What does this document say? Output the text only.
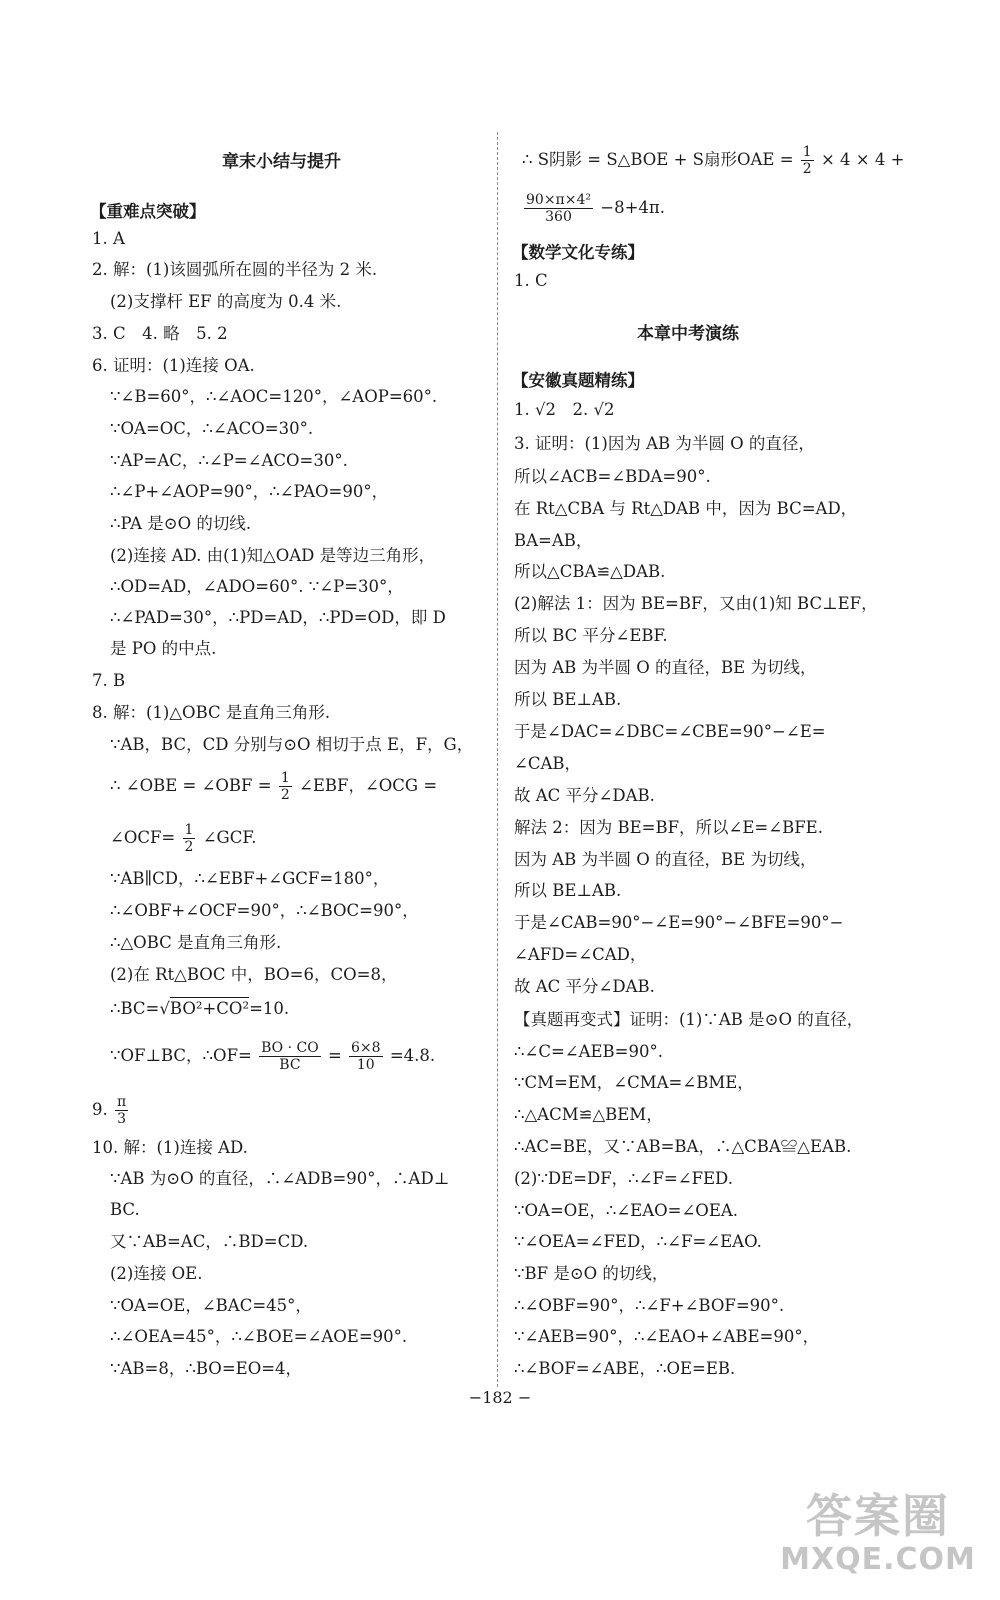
章末小结与提升
【重难点突破】
1. A
2. 解：(1)该圆弧所在圆的半径为 2 米.
(2)支撑杆 EF 的高度为 0.4 米.
3. C　4. 略　5. 2
6. 证明：(1)连接 OA.
∵∠B=60°，∴∠AOC=120°，∠AOP=60°.
∵OA=OC，∴∠ACO=30°.
∵AP=AC，∴∠P=∠ACO=30°.
∴∠P+∠AOP=90°，∴∠PAO=90°，
∴PA 是⊙O 的切线.
(2)连接 AD. 由(1)知△OAD 是等边三角形，
∴OD=AD，∠ADO=60°. ∵∠P=30°，
∴∠PAD=30°，∴PD=AD，∴PD=OD，即 D
是 PO 的中点.
7. B
8. 解：(1)△OBC 是直角三角形.
∵AB，BC，CD 分别与⊙O 相切于点 E，F，G，
∴ ∠OBE = ∠OBF = $\frac{1}{2}$ ∠EBF，∠OCG =
∠OCF= $\frac{1}{2}$ ∠GCF.
∵AB∥CD，∴∠EBF+∠GCF=180°，
∴∠OBF+∠OCF=90°，∴∠BOC=90°，
∴△OBC 是直角三角形.
(2)在 Rt△BOC 中，BO=6，CO=8，
∴BC=√BO²+CO²=10.
∵OF⊥BC，∴OF= $\frac{BO \cdot CO}{BC} = \frac{6\times 8}{10} =4.8$.
9. $\frac{\pi}{3}$
10. 解：(1)连接 AD.
∵AB 为⊙O 的直径，∴∠ADB=90°，∴AD⊥
BC.
又∵AB=AC，∴BD=CD.
(2)连接 OE.
∵OA=OE，∠BAC=45°，
∴∠OEA=45°，∴∠BOE=∠AOE=90°.
∵AB=8，∴BO=EO=4，
∴ S阴影 = S△BOE + S扇形OAE = $\frac{1}{2} \times 4 \times 4$ +
$\frac{\text{90×π×4²}}{360} -8+4\pi$.
【数学文化专练】
1. C
本章中考演练
【安徽真题精练】
1. √2　2. √2
3. 证明：(1)因为 AB 为半圆 O 的直径，
所以∠ACB=∠BDA=90°.
在 Rt△CBA 与 Rt△DAB 中，因为 BC=AD，
BA=AB，
所以△CBA≌△DAB.
(2)解法 1：因为 BE=BF，又由(1)知 BC⊥EF，
所以 BC 平分∠EBF.
因为 AB 为半圆 O 的直径，BE 为切线，
所以 BE⊥AB.
于是∠DAC=∠DBC=∠CBE=90°−∠E=
∠CAB，
故 AC 平分∠DAB.
解法 2：因为 BE=BF，所以∠E=∠BFE.
因为 AB 为半圆 O 的直径，BE 为切线，
所以 BE⊥AB.
于是∠CAB=90°−∠E=90°−∠BFE=90°−
∠AFD=∠CAD，
故 AC 平分∠DAB.
【真题再变式】证明：(1)∵AB 是⊙O 的直径，
∴∠C=∠AEB=90°.
∵CM=EM，∠CMA=∠BME，
∴△ACM≌△BEM，
∴AC=BE，又∵AB=BA，∴△CBA≌△EAB.
(2)∵DE=DF，∴∠F=∠FED.
∵OA=OE，∴∠EAO=∠OEA.
∵∠OEA=∠FED，∴∠F=∠EAO.
∵BF 是⊙O 的切线，
∴∠OBF=90°，∴∠F+∠BOF=90°.
∵∠AEB=90°，∴∠EAO+∠ABE=90°，
∴∠BOF=∠ABE，∴OE=EB.
−182 −
答案圈
MXQE.COM
